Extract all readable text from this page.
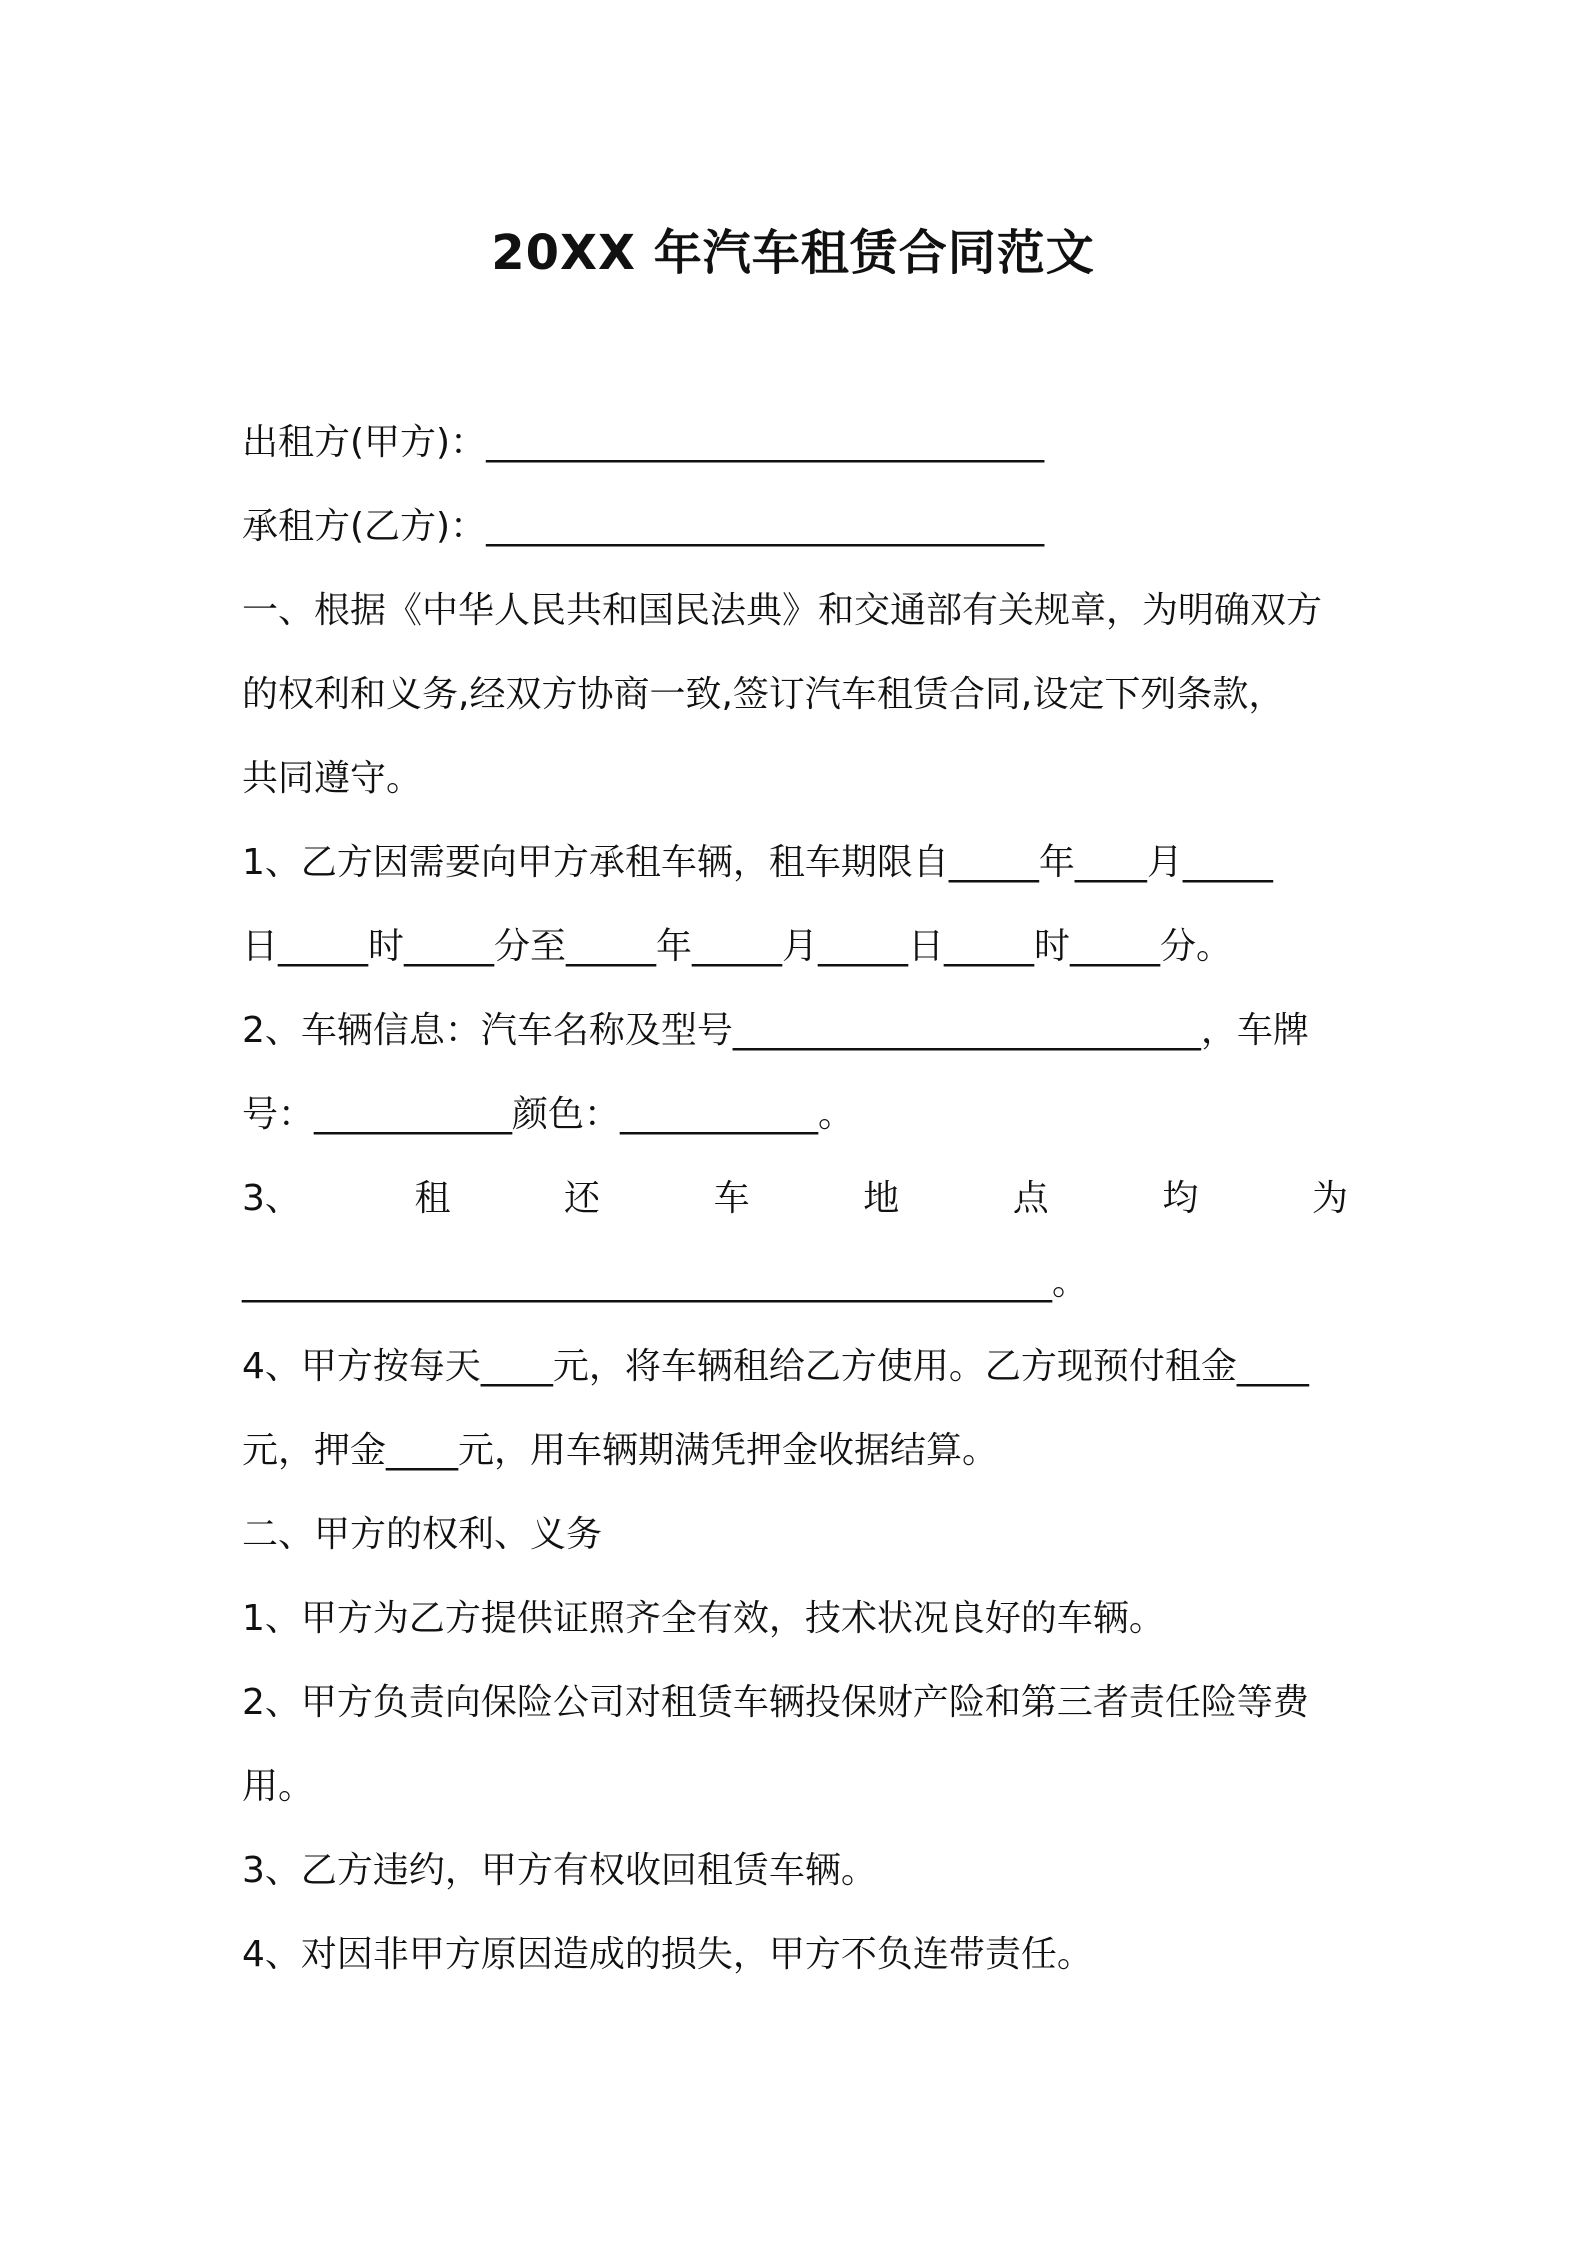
20XX 年汽车租赁合同范文
出租方(甲方)：_______________________________
承租方(乙方)：_______________________________
一、根据《中华人民共和国民法典》和交通部有关规章，为明确双方
的权利和义务,经双方协商一致,签订汽车租赁合同,设定下列条款，
共同遵守。
1、乙方因需要向甲方承租车辆，租车期限自_____年____月_____
日_____时_____分至_____年_____月_____日_____时_____分。
2、车辆信息：汽车名称及型号__________________________，车牌
号：___________颜色：___________。
3、	租	还	车	地	点	均	为
_____________________________________________。
4、甲方按每天____元，将车辆租给乙方使用。乙方现预付租金____
元，押金____元，用车辆期满凭押金收据结算。
二、甲方的权利、义务
1、甲方为乙方提供证照齐全有效，技术状况良好的车辆。
2、甲方负责向保险公司对租赁车辆投保财产险和第三者责任险等费
用。
3、乙方违约，甲方有权收回租赁车辆。
4、对因非甲方原因造成的损失，甲方不负连带责任。
